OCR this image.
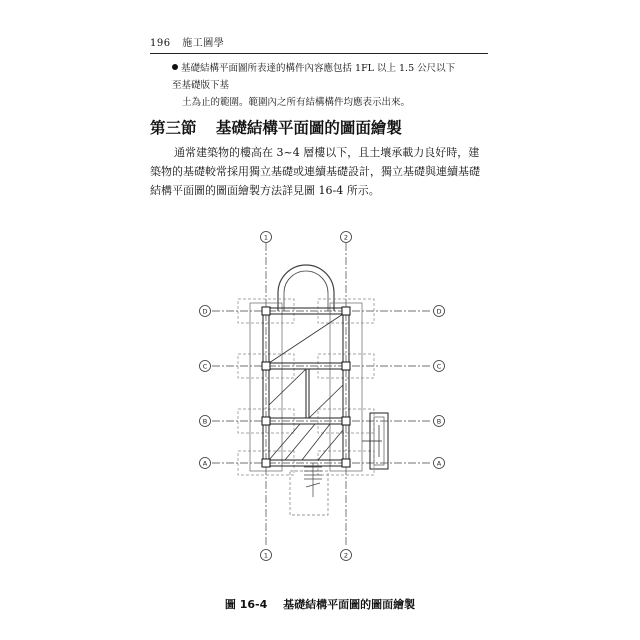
196 施工圖學
基礎結構平面圖所表達的構件內容應包括 1FL 以上 1.5 公尺以下至基礎版下基
土為止的範圍。範圍內之所有結構構件均應表示出來。
第三節 基礎結構平面圖的圖面繪製

通常建築物的樓高在 3~4 層樓以下，且土壤承載力良好時，建築物的基礎較常採用獨立基礎或連續基礎設計，獨立基礎與連續基礎結構平面圖的圖面繪製方法詳見圖 16-4 所示。

1	2
1	2
D	D
C	C
B	B
A	A
圖 16-4 基礎結構平面圖的圖面繪製
